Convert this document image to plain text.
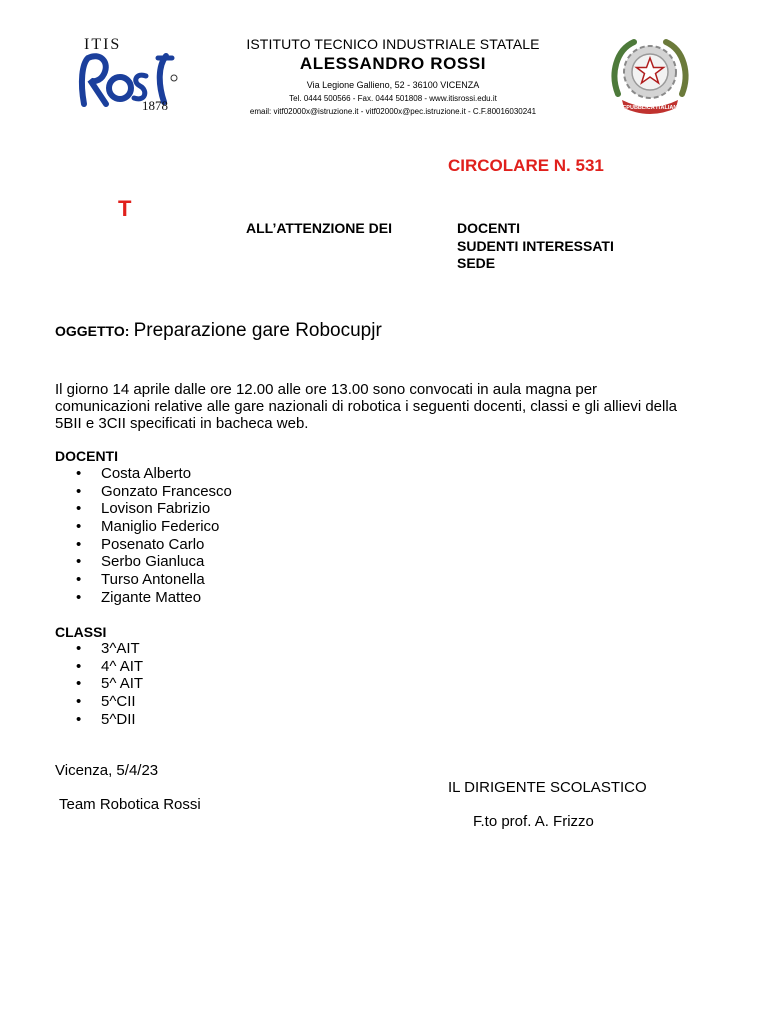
ITIS
1878
ISTITUTO TECNICO INDUSTRIALE STATALE
ALESSANDRO ROSSI
Via Legione Gallieno, 52 - 36100 VICENZA
Tel. 0444 500566 - Fax. 0444 501808 - www.itisrossi.edu.it
email: vitf02000x@istruzione.it - vitf02000x@pec.istruzione.it - C.F.80016030241	REPUBBLICA ITALIANA
CIRCOLARE N. 531
T
ALL’ATTENZIONE DEI	DOCENTI
SUDENTI INTERESSATI
SEDE
OGGETTO: Preparazione gare Robocupjr
Il giorno 14 aprile dalle ore 12.00 alle ore 13.00 sono convocati in aula magna per
comunicazioni relative alle gare nazionali di robotica i seguenti docenti, classi e gli allievi della
5BII e 3CII specificati in bacheca web.
DOCENTI
• Costa Alberto
• Gonzato Francesco
• Lovison Fabrizio
• Maniglio Federico
• Posenato Carlo
• Serbo Gianluca
• Turso Antonella
• Zigante Matteo
CLASSI
• 3^AIT
• 4^ AIT
• 5^ AIT
• 5^CII
• 5^DII
Vicenza, 5/4/23
IL DIRIGENTE SCOLASTICO
Team Robotica Rossi
F.to prof. A. Frizzo
